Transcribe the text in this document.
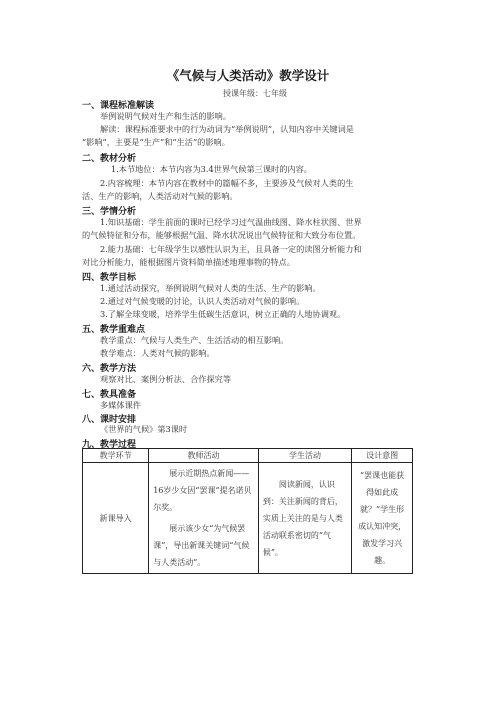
《气候与人类活动》教学设计
授课年级：七年级
一、课程标准解读
举例说明气候对生产和生活的影响。
解读：课程标准要求中的行为动词为“举例说明”，认知内容中关键词是
“影响”，主要是“生产”和“生活”的影响。
二、教材分析
1.本节地位：本节内容为3.4世界气候第三课时的内容。
2.内容梳理：本节内容在教材中的篇幅不多，主要涉及气候对人类的生
活、生产的影响，人类活动对气候的影响。
三、学情分析
1.知识基础：学生前面的课时已经学习过气温曲线图、降水柱状图、世界
的气候特征和分布，能够根据气温、降水状况说出气候特征和大致分布位置。
2.能力基础：七年级学生以感性认识为主，且具备一定的读图分析能力和
对比分析能力，能根据图片资料简单描述地理事物的特点。
四、教学目标
1.通过活动探究，举例说明气候对人类的生活、生产的影响。
2.通过对气候变暖的讨论，认识人类活动对气候的影响。
3.了解全球变暖，培养学生低碳生活意识，树立正确的人地协调观。
五、教学重难点
教学重点：气候与人类生产、生活活动的相互影响。
教学难点：人类对气候的影响。
六、教学方法
观察对比、案例分析法、合作探究等
七、教具准备
多媒体课件
八、课时安排
《世界的气候》第3课时
九、教学过程
教学环节	教师活动	学生活动	设计意图
新课导入	展示近期热点新闻——16岁少女因“罢课”提名诺贝尔奖。
展示该少女“为气候罢课”，导出新课关键词“气候与人类活动”。	阅读新闻，认识到：关注新闻的背后，实质上关注的是与人类活动联系密切的“气候”。	“罢课也能获得如此成就？”学生形成认知冲突，激发学习兴趣。
